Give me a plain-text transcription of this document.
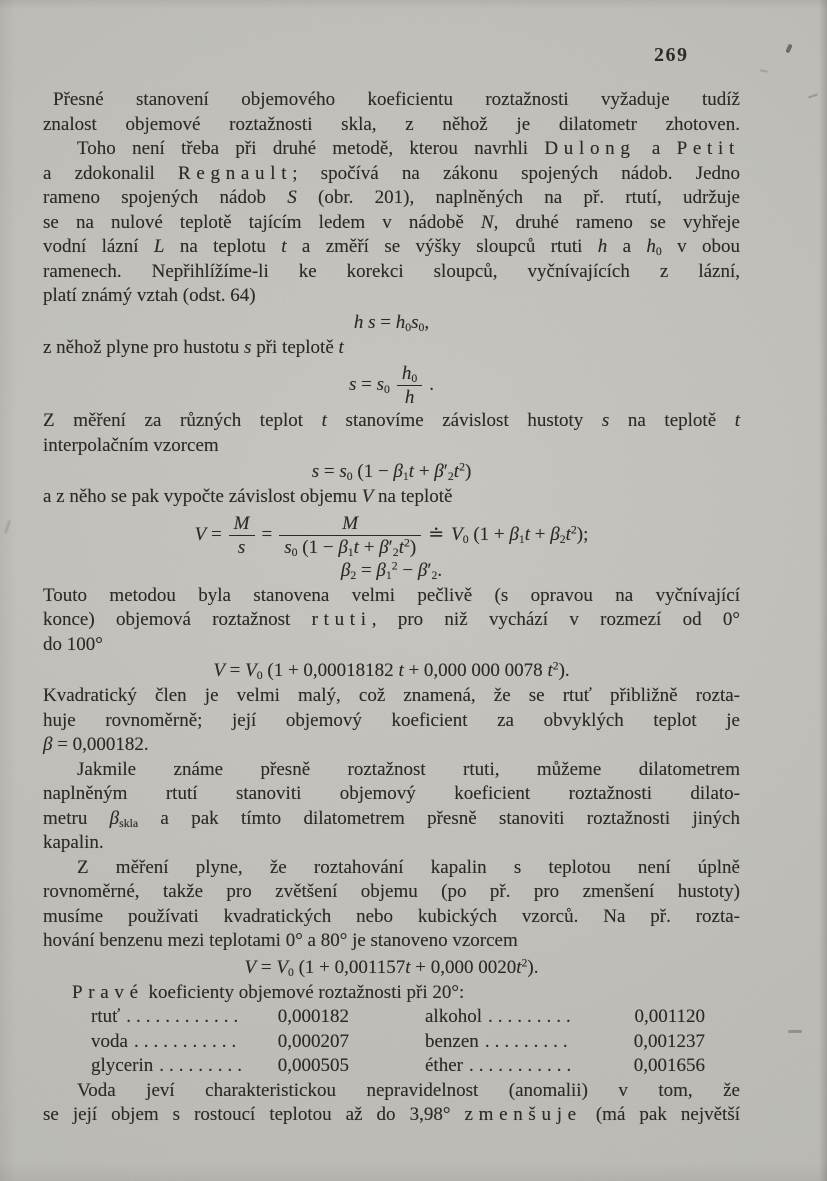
269
Přesné stanovení objemového koeficientu roztažnosti vyžaduje tudíž
znalost objemové roztažnosti skla, z něhož je dilatometr zhotoven.
Toho není třeba při druhé metodě, kterou navrhli Dulong a Petit
a zdokonalil Regnault; spočívá na zákonu spojených nádob. Jedno
rameno spojených nádob S (obr. 201), naplněných na př. rtutí, udržuje
se na nulové teplotě tajícím ledem v nádobě N, druhé rameno se vyhřeje
vodní lázní L na teplotu t a změří se výšky sloupců rtuti h a $h_0$ v obou
ramenech. Nepřihlížíme-li ke korekci sloupců, vyčnívajících z lázní,
platí známý vztah (odst. 64)
h $s = h_0s_0$,
z něhož plyne pro hustotu s při teplotě t
$s = s_0 \frac{h_0}{h}$ .
Z měření za různých teplot t stanovíme závislost hustoty s na teplotě t
interpolačním vzorcem
$s = s_0$ $(1 - \beta_1t + \beta'_2t^2)$
a z něho se pak vypočte závislost objemu V na teplotě
$V = \frac{M}{s} = \frac{M}{s_0 (1 - \beta_1t + \beta'_2t^2)}$ ≐ $V_0$ $(1 + \beta_1t + \beta_2t^2)$;
$\beta_2 = \beta_1^2 - \beta'_2$.
Touto metodou byla stanovena velmi pečlivě (s opravou na vyčnívající
konce) objemová roztažnost rtuti, pro niž vychází v rozmezí od 0°
do 100°
$V = V_0$ (1 + 0,00018182 t + 0,000 000 0078 $t^2$).
Kvadratický člen je velmi malý, což znamená, že se rtuť přibližně rozta-
huje rovnoměrně; její objemový koeficient za obvyklých teplot je
β = 0,000182.
Jakmile známe přesně roztažnost rtuti, můžeme dilatometrem
naplněným rtutí stanoviti objemový koeficient roztažnosti dilato-
metru $\beta_{skla}$ a pak tímto dilatometrem přesně stanoviti roztažnosti jiných
kapalin.
Z měření plyne, že roztahování kapalin s teplotou není úplně
rovnoměrné, takže pro zvětšení objemu (po př. pro zmenšení hustoty)
musíme používati kvadratických nebo kubických vzorců. Na př. rozta-
hování benzenu mezi teplotami 0° a 80° je stanoveno vzorcem
$V = V_0$ (1 + 0,001157t + 0,000 $0020t^2$).
Pravé koeficienty objemové roztažnosti při 20°:
rtuť ............ 0,000182	alkohol .........	0,001120
voda ........... 0,000207	benzen .........	0,001237
glycerin ......... 0,000505	éther ...........	0,001656
Voda jeví charakteristickou nepravidelnost (anomalii) v tom, že
se její objem s rostoucí teplotou až do 3,98° zmenšuje (má pak největší
